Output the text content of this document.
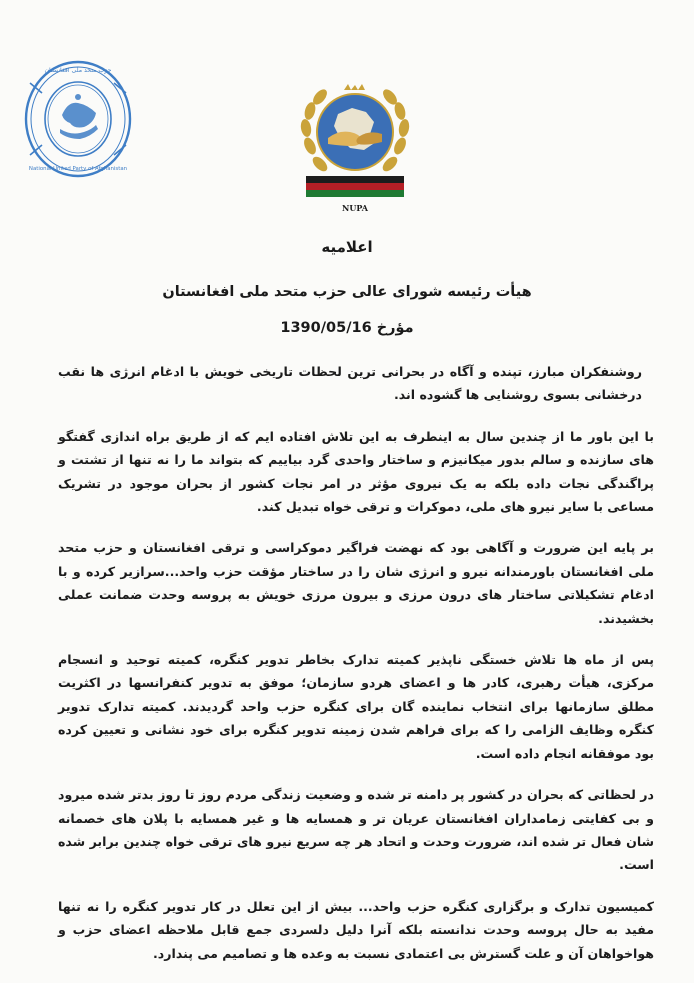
حزب متحد ملی افغانستان
National United Party of Afghanistan
NUPA
اعلامیه
هیأت رئیسه شورای عالی حزب متحد ملی افغانستان
مؤرخ 1390/05/16

روشنفکران مبارز، تپنده و آگاه در بحرانی ترین لحظات تاریخی خویش با ادغام انرژی ها نقب درخشانی بسوی روشنایی ها گشوده اند.

با این باور ما از چندین سال به اینطرف به این تلاش افتاده ایم که از طریق براه اندازی گفتگو های سازنده و سالم بدور میکانیزم و ساختار واحدی گرد بیاییم که بتواند ما را نه تنها از تشتت و پراگندگی نجات داده بلکه به یک نیروی مؤثر در امر نجات کشور از بحران موجود در تشریک مساعی با سایر نیرو های ملی، دموکرات و ترقی خواه تبدیل کند.

بر پایه این ضرورت و آگاهی بود که نهضت فراگیر دموکراسی و ترقی افغانستان و حزب متحد ملی افغانستان باورمندانه نیرو و انرژی شان را در ساختار مؤقت حزب واحد...سرازیر کرده و با ادغام تشکیلاتی ساختار های درون مرزی و بیرون مرزی خویش به پروسه وحدت ضمانت عملی بخشیدند.

پس از ماه ها تلاش خستگی ناپذیر کمیته تدارک بخاطر تدویر کنگره، کمیته توحید و انسجام مرکزی، هیأت رهبری، کادر ها و اعضای هردو سازمان؛ موفق به تدویر کنفرانسها در اکثریت مطلق سازمانها برای انتخاب نماینده گان برای کنگره حزب واحد گردیدند. کمیته تدارک تدویر کنگره وظایف الزامی را که برای فراهم شدن زمینه تدویر کنگره برای خود نشانی و تعیین کرده بود موفقانه انجام داده است.

در لحظاتی که بحران در کشور پر دامنه تر شده و وضعیت زندگی مردم روز تا روز بدتر شده میرود و بی کفایتی زمامداران افغانستان عریان تر و همسایه ها و غیر همسایه با پلان های خصمانه شان فعال تر شده اند، ضرورت وحدت و اتحاد هر چه سریع نیرو های ترقی خواه چندین برابر شده است.

کمیسیون تدارک و برگزاری کنگره حزب واحد... بیش از این تعلل در کار تدویر کنگره را نه تنها مفید به حال پروسه وحدت ندانسته بلکه آنرا دلیل دلسردی جمع قابل ملاحظه اعضای حزب و هواخواهان آن و علت گسترش بی اعتمادی نسبت به وعده ها و تصامیم می پندارد.
